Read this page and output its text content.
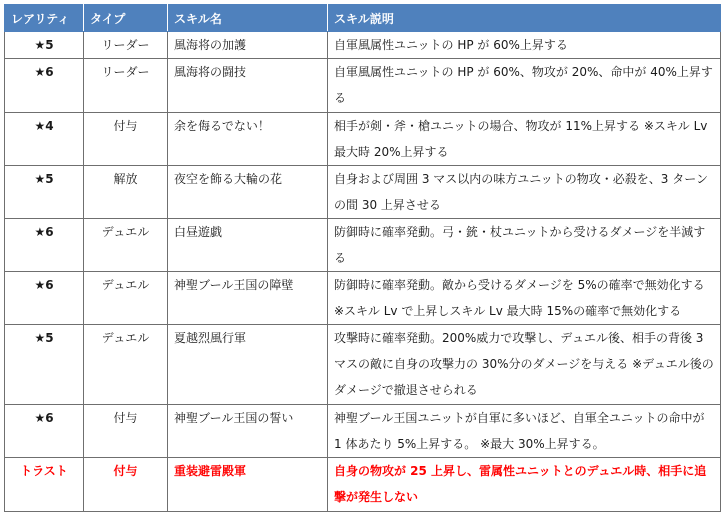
レアリティ	タイプ	スキル名	スキル説明
★5	リーダー	風海将の加護	自軍風属性ユニットの HP が 60%上昇する
★6	リーダー	風海将の闘技	自軍風属性ユニットの HP が 60%、物攻が 20%、命中が 40%上昇する
★4	付与	余を侮るでない！	相手が剣・斧・槍ユニットの場合、物攻が 11%上昇する ※スキル Lv 最大時 20%上昇する
★5	解放	夜空を飾る大輪の花	自身および周囲 3 マス以内の味方ユニットの物攻・必殺を、3 ターンの間 30 上昇させる
★6	デュエル	白昼遊戯	防御時に確率発動。弓・銃・杖ユニットから受けるダメージを半減する
★6	デュエル	神聖ブール王国の障壁	防御時に確率発動。敵から受けるダメージを 5%の確率で無効化する ※スキル Lv で上昇しスキル Lv 最大時 15%の確率で無効化する
★5	デュエル	夏越烈風行軍	攻撃時に確率発動。200%威力で攻撃し、デュエル後、相手の背後 3 マスの敵に自身の攻撃力の 30%分のダメージを与える ※デュエル後のダメージで撤退させられる
★6	付与	神聖ブール王国の誓い	神聖ブール王国ユニットが自軍に多いほど、自軍全ユニットの命中が 1 体あたり 5%上昇する。 ※最大 30%上昇する。
トラスト	付与	重装避雷殿軍	自身の物攻が 25 上昇し、雷属性ユニットとのデュエル時、相手に追撃が発生しない
